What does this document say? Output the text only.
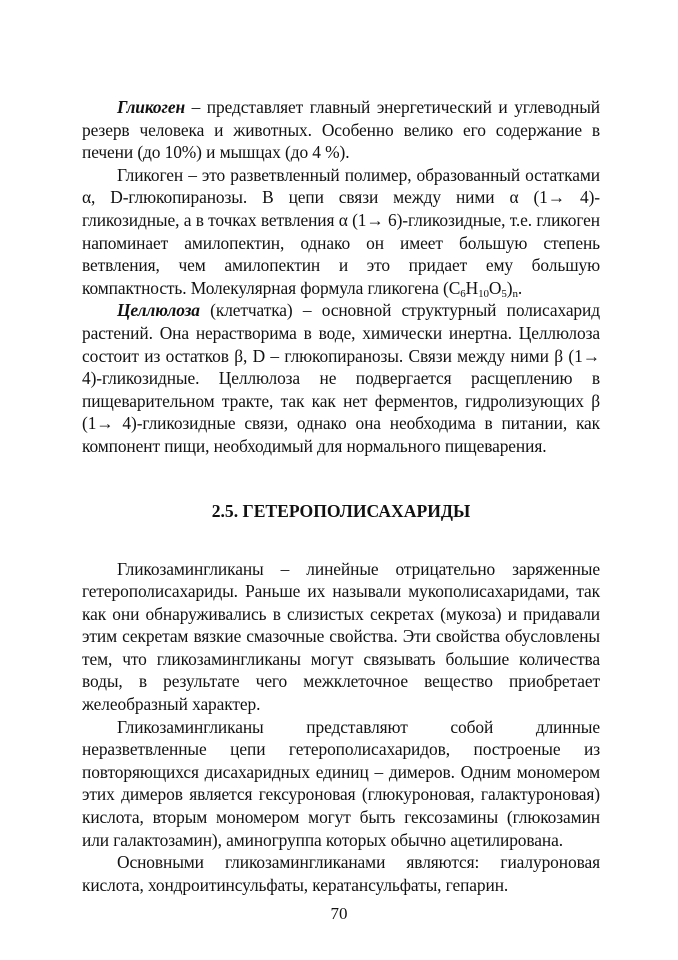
Гликоген – представляет главный энергетический и углеводный резерв человека и животных. Особенно велико его содержание в печени (до 10%) и мышцах (до 4 %).

Гликоген – это разветвленный полимер, образованный остатками α, D-глюкопиранозы. В цепи связи между ними α (1→ 4)-гликозидные, а в точках ветвления α (1→ 6)-гликозидные, т.е. гликоген напоминает амилопектин, однако он имеет большую степень ветвления, чем амилопектин и это придает ему большую компактность. Молекулярная формула гликогена $(C_6H_{10}O_5)_n$.

Целлюлоза (клетчатка) – основной структурный полисахарид растений. Она нерастворима в воде, химически инертна. Целлюлоза состоит из остатков β, D – глюкопиранозы. Связи между ними β (1→ 4)-гликозидные. Целлюлоза не подвергается расщеплению в пищеварительном тракте, так как нет ферментов, гидролизующих β (1→ 4)-гликозидные связи, однако она необходима в питании, как компонент пищи, необходимый для нормального пищеварения.

2.5. ГЕТЕРОПОЛИСАХАРИДЫ

Гликозамингликаны – линейные отрицательно заряженные гетерополисахариды. Раньше их называли мукополисахаридами, так как они обнаруживались в слизистых секретах (мукоза) и придавали этим секретам вязкие смазочные свойства. Эти свойства обусловлены тем, что гликозамингликаны могут связывать большие количества воды, в результате чего межклеточное вещество приобретает желеобразный характер.

Гликозамингликаны представляют собой длинные неразветвленные цепи гетерополисахаридов, построеные из повторяющихся дисахаридных единиц – димеров. Одним мономером этих димеров является гексуроновая (глюкуроновая, галактуроновая) кислота, вторым мономером могут быть гексозамины (глюкозамин или галактозамин), аминогруппа которых обычно ацетилирована.

Основными гликозамингликанами являются: гиалуроновая кислота, хондроитинсульфаты, кератансульфаты, гепарин.

70
